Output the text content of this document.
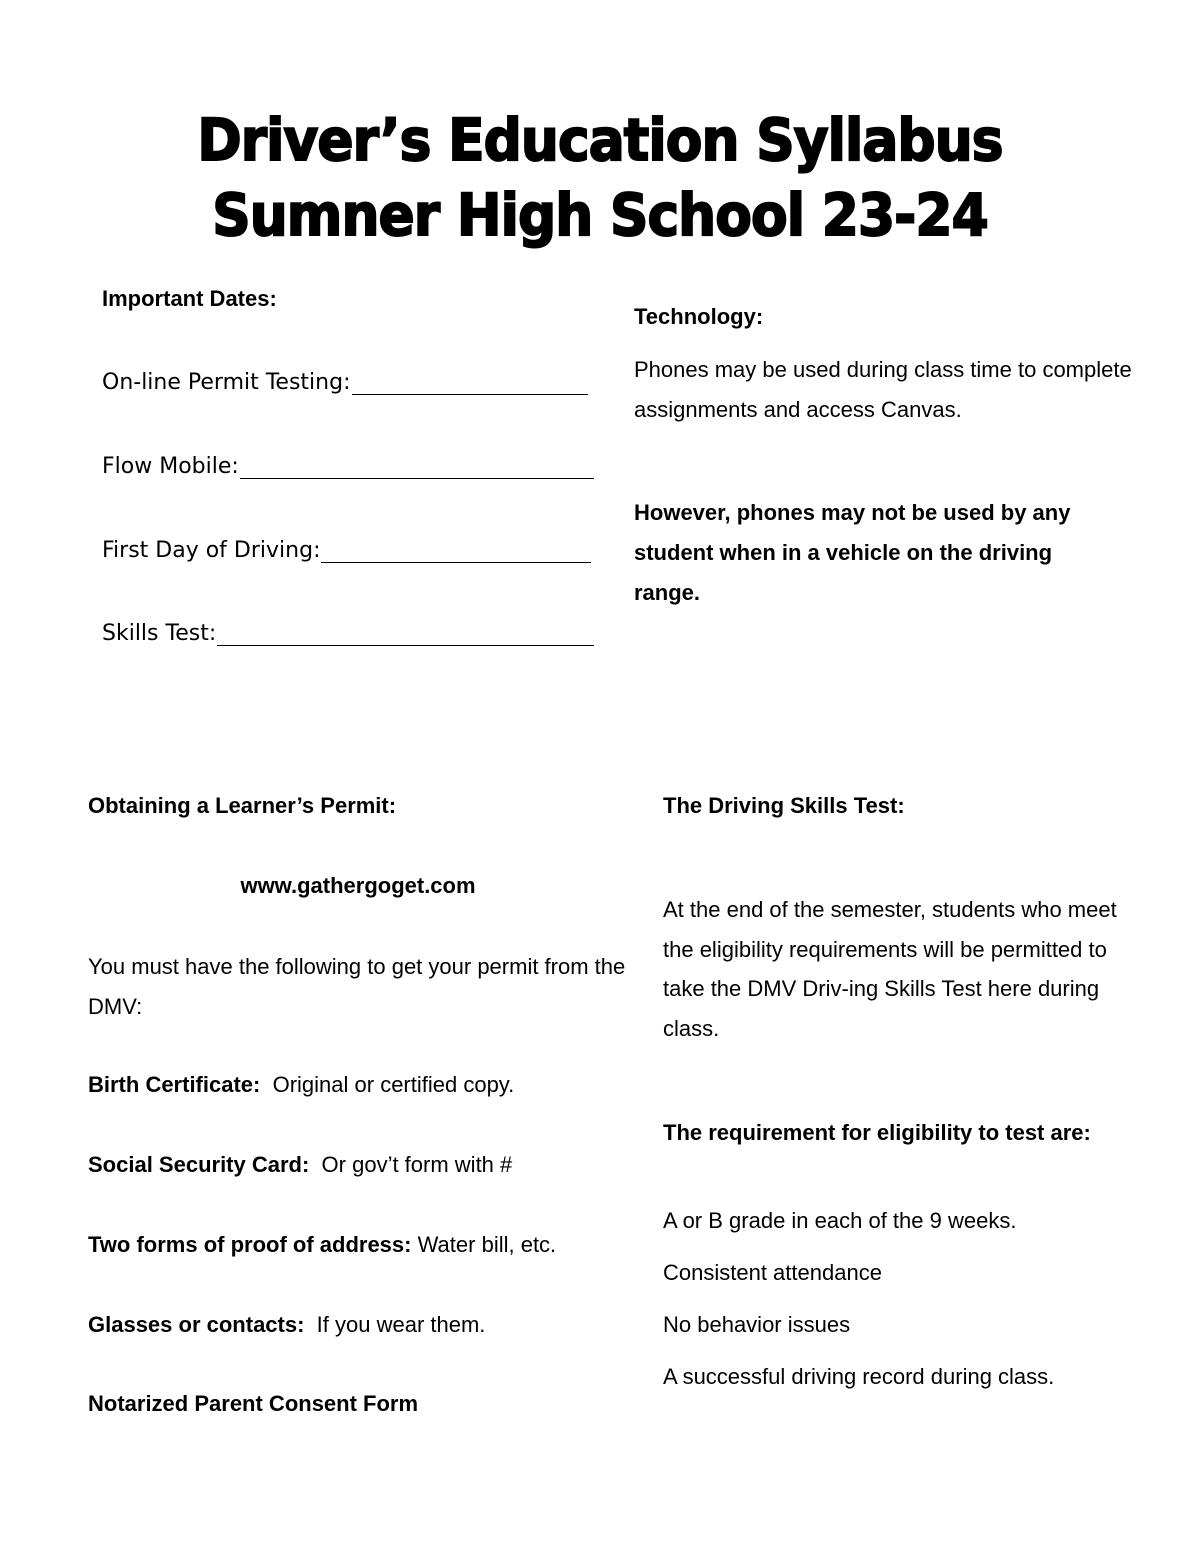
Driver’s Education Syllabus
Sumner High School 23-24
Important Dates:
On-line Permit Testing:
Flow Mobile:
First Day of Driving:
Skills Test:
Technology:
Phones may be used during class time to complete assignments and access Canvas.
However, phones may not be used by any student when in a vehicle on the driving range.
Obtaining a Learner’s Permit:
www.gathergoget.com
You must have the following to get your permit from the DMV:
Birth Certificate: Original or certified copy.
Social Security Card: Or gov’t form with #
Two forms of proof of address: Water bill, etc.
Glasses or contacts: If you wear them.
Notarized Parent Consent Form
The Driving Skills Test:
At the end of the semester, students who meet the eligibility requirements will be permitted to take the DMV Driv-ing Skills Test here during class.
The requirement for eligibility to test are:
A or B grade in each of the 9 weeks.
Consistent attendance
No behavior issues
A successful driving record during class.
